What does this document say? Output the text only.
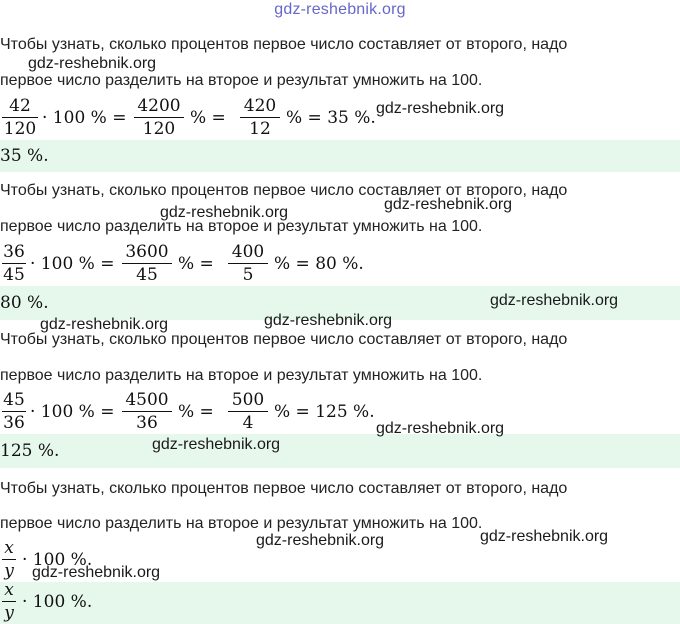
gdz-reshebnik.org
Чтобы узнать, сколько процентов первое число составляет от второго, надо
первое число разделить на второе и результат умножить на 100.
42
120
· 100 % =
4200
120
% =
420
12
% = 35 %.
35 %.
Чтобы узнать, сколько процентов первое число составляет от второго, надо
первое число разделить на второе и результат умножить на 100.
36
45
· 100 % =
3600
45
% =
400
5
% = 80 %.
80 %.
Чтобы узнать, сколько процентов первое число составляет от второго, надо
первое число разделить на второе и результат умножить на 100.
45
36
· 100 % =
4500
36
% =
500
4
% = 125 %.
125 %.
Чтобы узнать, сколько процентов первое число составляет от второго, надо
первое число разделить на второе и результат умножить на 100.
x
y
· 100 %.
x
y
· 100 %.
gdz-reshebnik.org
gdz-reshebnik.org
gdz-reshebnik.org
gdz-reshebnik.org
gdz-reshebnik.org
gdz-reshebnik.org
gdz-reshebnik.org
gdz-reshebnik.org
gdz-reshebnik.org
gdz-reshebnik.org
gdz-reshebnik.org
gdz-reshebnik.org
